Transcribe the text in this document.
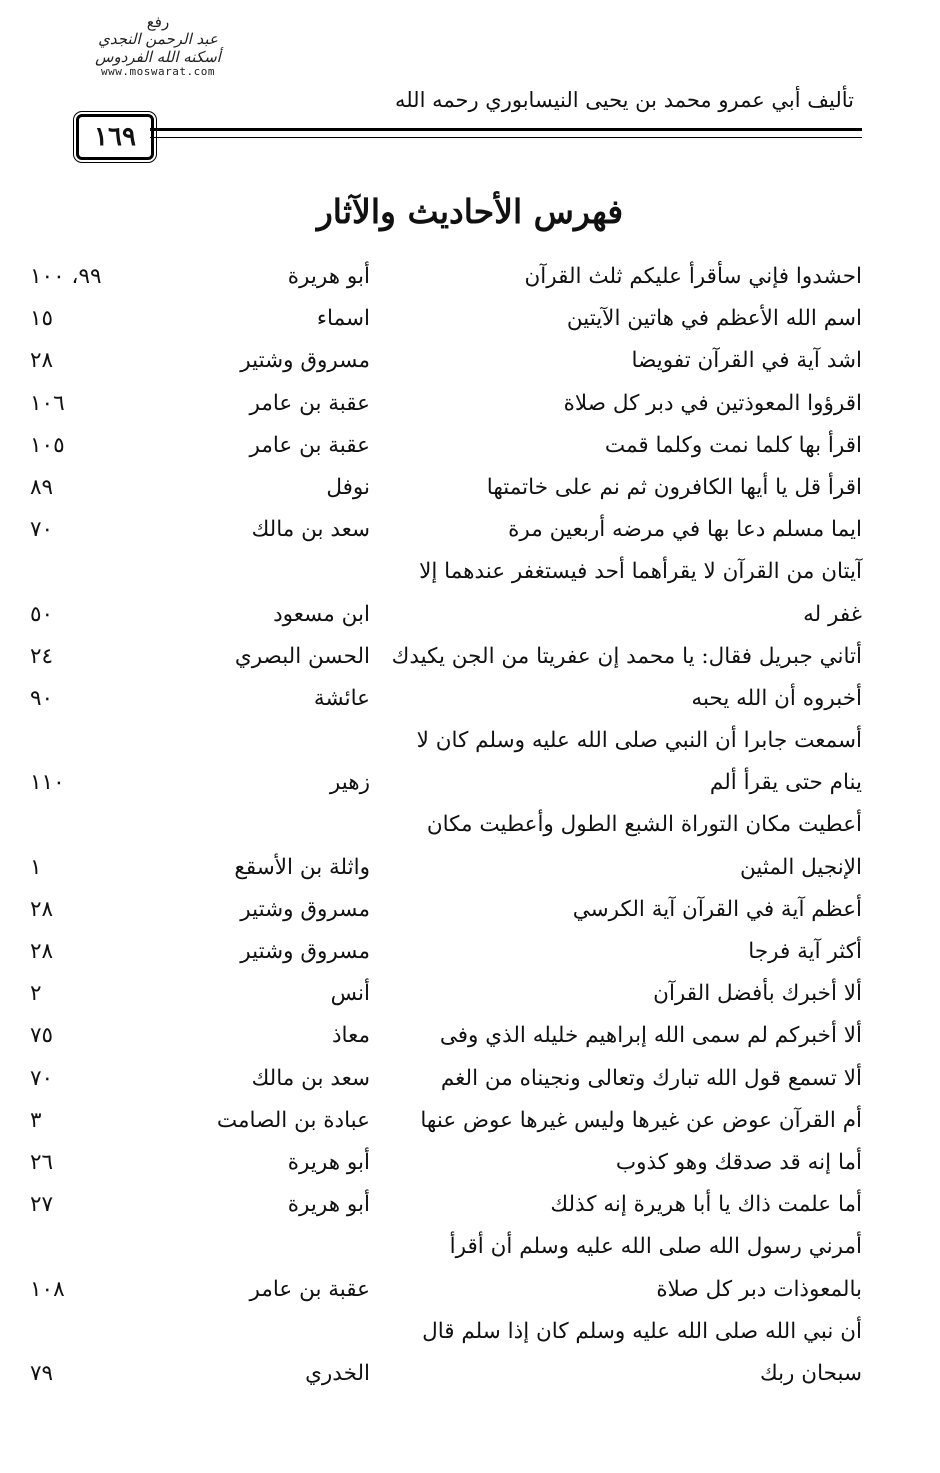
رفع
عبد الرحمن النجدي
أسكنه الله الفردوس
www.moswarat.com
تأليف أبي عمرو محمد بن يحيى النيسابوري رحمه الله
١٦٩
فهرس الأحاديث والآثار
احشدوا فإني سأقرأ عليكم ثلث القرآن
أبو هريرة
٩٩، ١٠٠
اسم الله الأعظم في هاتين الآيتين
اسماء
١٥
اشد آية في القرآن تفويضا
مسروق وشتير
٢٨
اقرؤوا المعوذتين في دبر كل صلاة
عقبة بن عامر
١٠٦
اقرأ بها كلما نمت وكلما قمت
عقبة بن عامر
١٠٥
اقرأ قل يا أيها الكافرون ثم نم على خاتمتها
نوفل
٨٩
ايما مسلم دعا بها في مرضه أربعين مرة
سعد بن مالك
٧٠
آيتان من القرآن لا يقرأهما أحد فيستغفر عندهما إلا
غفر له
ابن مسعود
٥٠
أتاني جبريل فقال: يا محمد إن عفريتا من الجن يكيدك
الحسن البصري
٢٤
أخبروه أن الله يحبه
عائشة
٩٠
أسمعت جابرا أن النبي صلى الله عليه وسلم كان لا
ينام حتى يقرأ ألم
زهير
١١٠
أعطيت مكان التوراة الشبع الطول وأعطيت مكان
الإنجيل المثين
واثلة بن الأسقع
١
أعظم آية في القرآن آية الكرسي
مسروق وشتير
٢٨
أكثر آية فرجا
مسروق وشتير
٢٨
ألا أخبرك بأفضل القرآن
أنس
٢
ألا أخبركم لم سمى الله إبراهيم خليله الذي وفى
معاذ
٧٥
ألا تسمع قول الله تبارك وتعالى ونجيناه من الغم
سعد بن مالك
٧٠
أم القرآن عوض عن غيرها وليس غيرها عوض عنها
عبادة بن الصامت
٣
أما إنه قد صدقك وهو كذوب
أبو هريرة
٢٦
أما علمت ذاك يا أبا هريرة إنه كذلك
أبو هريرة
٢٧
أمرني رسول الله صلى الله عليه وسلم أن أقرأ
بالمعوذات دبر كل صلاة
عقبة بن عامر
١٠٨
أن نبي الله صلى الله عليه وسلم كان إذا سلم قال
سبحان ربك
الخدري
٧٩
